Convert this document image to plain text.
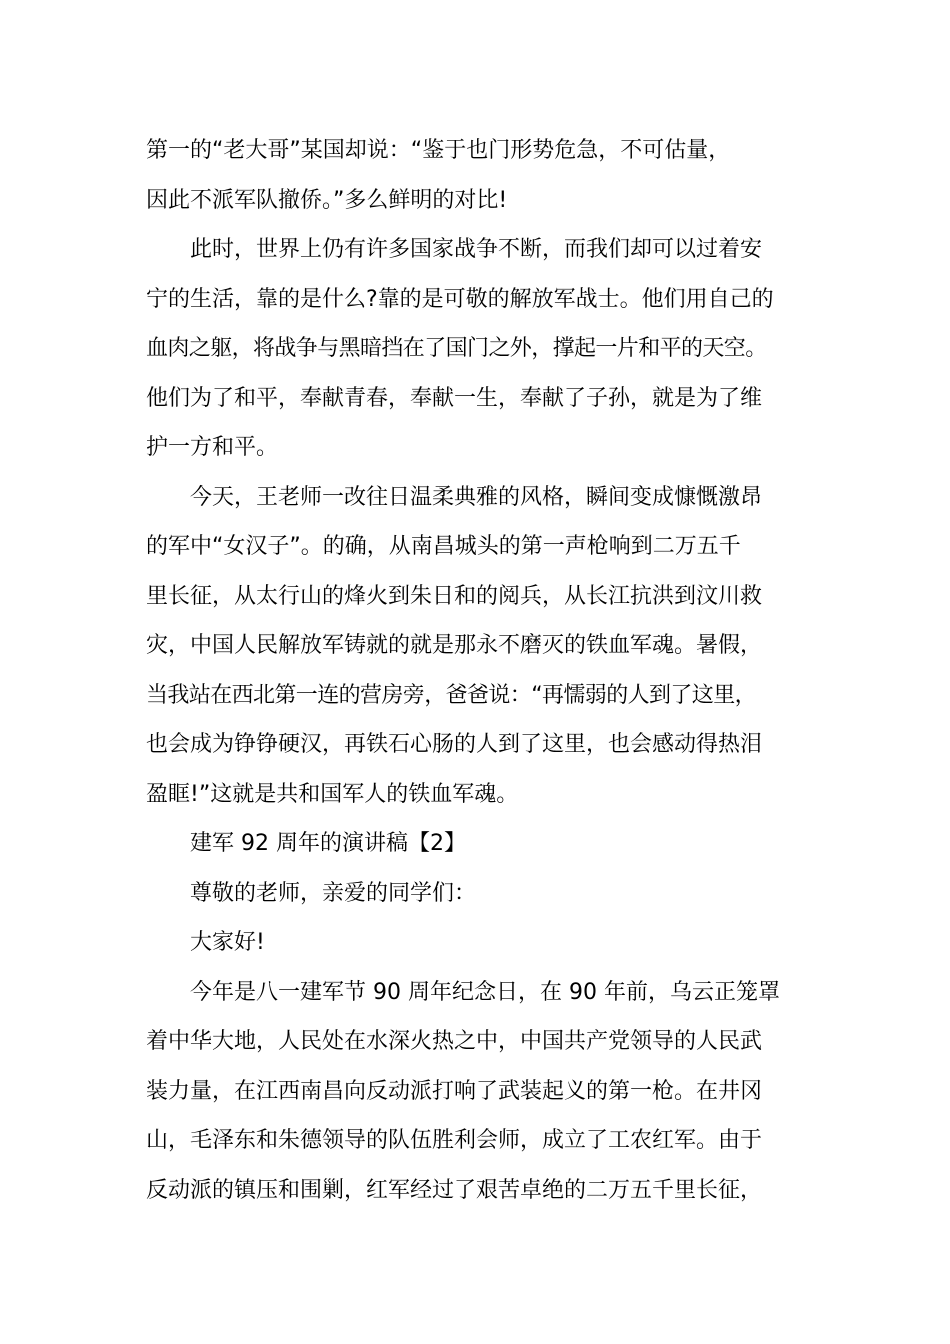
第一的“老大哥”某国却说：“鉴于也门形势危急，不可估量，
因此不派军队撤侨。”多么鲜明的对比!
此时，世界上仍有许多国家战争不断，而我们却可以过着安
宁的生活，靠的是什么?靠的是可敬的解放军战士。他们用自己的
血肉之躯，将战争与黑暗挡在了国门之外，撑起一片和平的天空。
他们为了和平，奉献青春，奉献一生，奉献了子孙，就是为了维
护一方和平。
今天，王老师一改往日温柔典雅的风格，瞬间变成慷慨激昂
的军中“女汉子”。的确，从南昌城头的第一声枪响到二万五千
里长征，从太行山的烽火到朱日和的阅兵，从长江抗洪到汶川救
灾，中国人民解放军铸就的就是那永不磨灭的铁血军魂。暑假，
当我站在西北第一连的营房旁，爸爸说：“再懦弱的人到了这里，
也会成为铮铮硬汉，再铁石心肠的人到了这里，也会感动得热泪
盈眶!”这就是共和国军人的铁血军魂。
建军 92 周年的演讲稿【2】
尊敬的老师，亲爱的同学们：
大家好!
今年是八一建军节 90 周年纪念日，在 90 年前，乌云正笼罩
着中华大地，人民处在水深火热之中，中国共产党领导的人民武
装力量，在江西南昌向反动派打响了武装起义的第一枪。在井冈
山，毛泽东和朱德领导的队伍胜利会师，成立了工农红军。由于
反动派的镇压和围剿，红军经过了艰苦卓绝的二万五千里长征，
